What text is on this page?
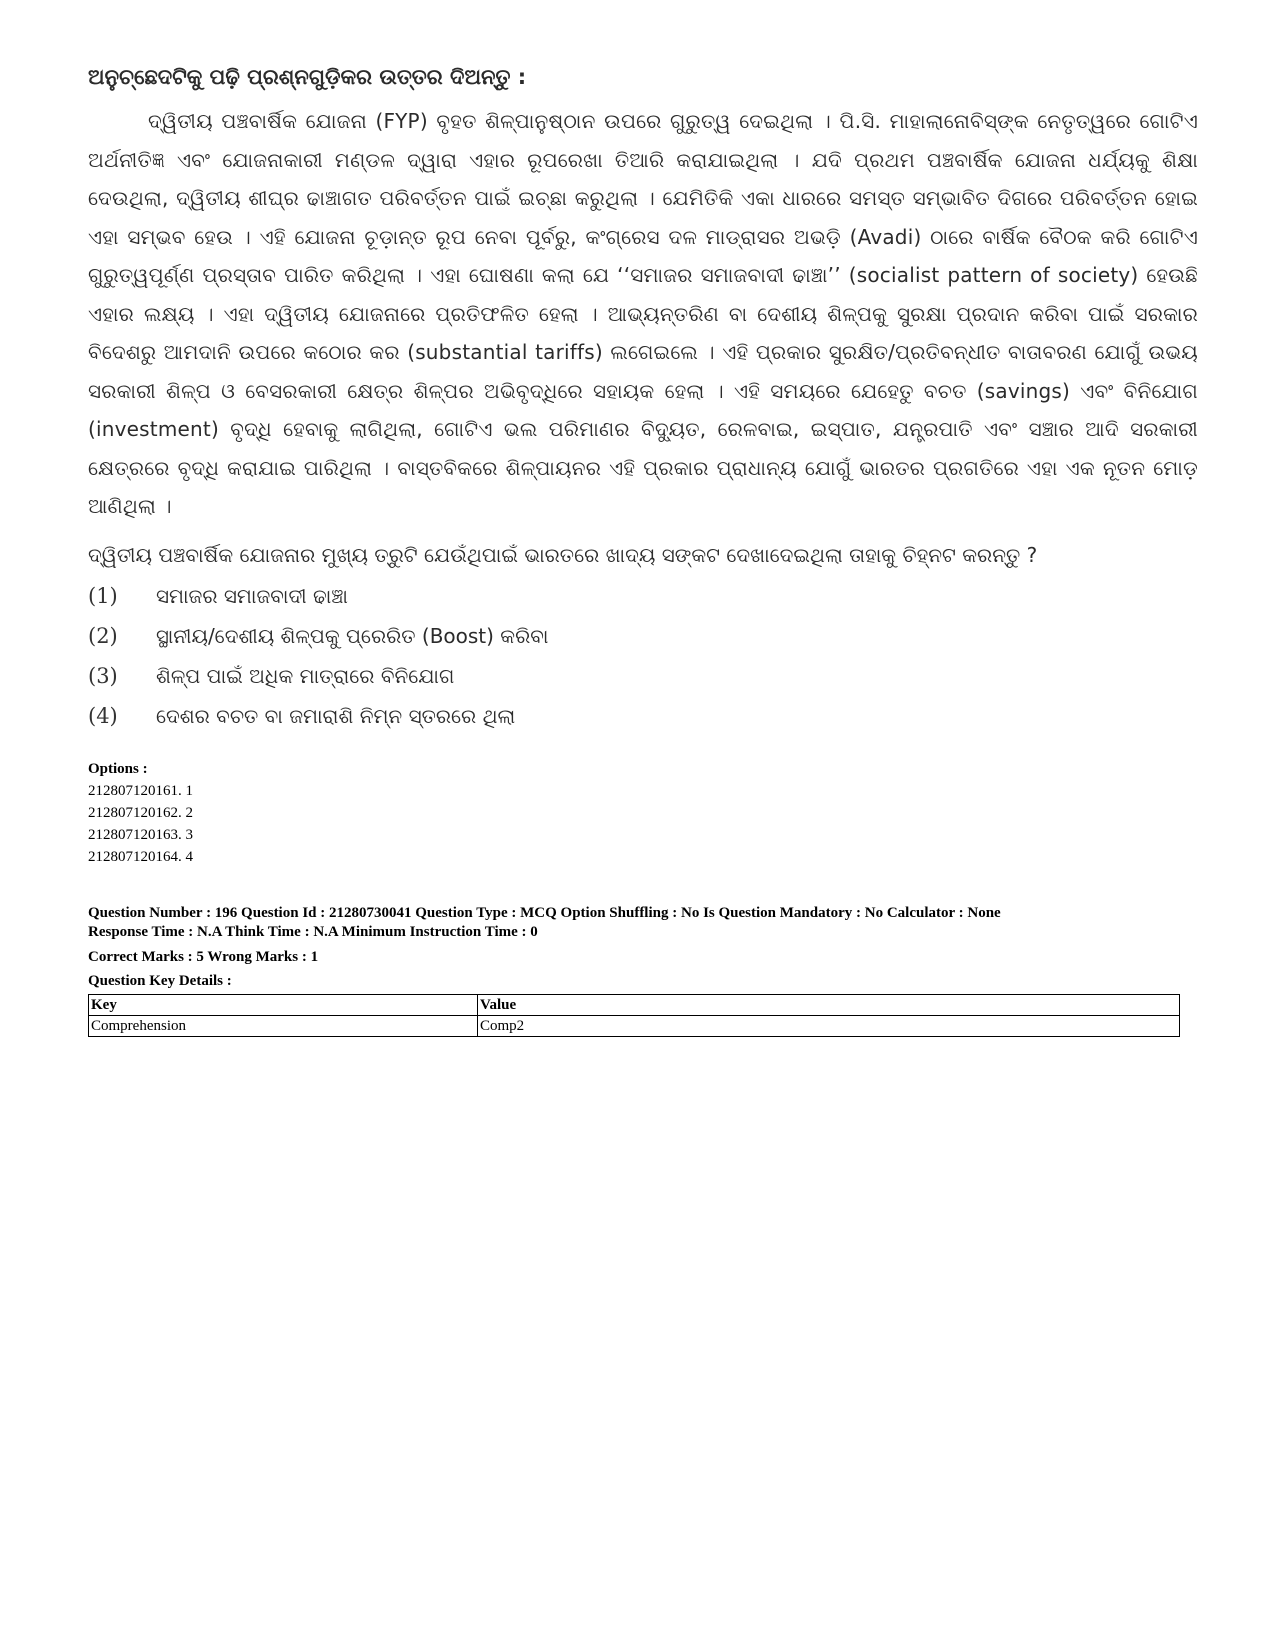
ଅନୁଚ୍ଛେଦଟିକୁ ପଢ଼ି ପ୍ରଶ୍ନଗୁଡ଼ିକର ଉତ୍ତର ଦିଅନ୍ତୁ :

ଦ୍ୱିତୀୟ ପଞ୍ଚବାର୍ଷିକ ଯୋଜନା (FYP) ବୃହତ ଶିଳ୍ପାନୁଷ୍ଠାନ ଉପରେ ଗୁରୁତ୍ୱ ଦେଇଥିଲା । ପି.ସି. ମାହାଲାନୋବିସ୍‌ଙ୍କ ନେତୃତ୍ୱରେ ଗୋଟିଏ ଅର୍ଥନୀତିଜ୍ଞ ଏବଂ ଯୋଜନାକାରୀ ମଣ୍ଡଳ ଦ୍ୱାରା ଏହାର ରୂପରେଖା ତିଆରି କରାଯାଇଥିଲା । ଯଦି ପ୍ରଥମ ପଞ୍ଚବାର୍ଷିକ ଯୋଜନା ଧର୍ଯ୍ୟକୁ ଶିକ୍ଷା ଦେଉଥିଲା, ଦ୍ୱିତୀୟ ଶୀଘ୍ର ଢାଞ୍ଚାଗତ ପରିବର୍ତ୍ତନ ପାଇଁ ଇଚ୍ଛା କରୁଥିଲା । ଯେମିତିକି ଏକା ଧାରରେ ସମସ୍ତ ସମ୍ଭାବିତ ଦିଗରେ ପରିବର୍ତ୍ତନ ହୋଇ ଏହା ସମ୍ଭବ ହେଉ । ଏହି ଯୋଜନା ଚୂଡ଼ାନ୍ତ ରୂପ ନେବା ପୂର୍ବରୁ, କଂଗ୍ରେସ ଦଳ ମାଡ୍ରାସର ଅଭଡ଼ି (Avadi) ଠାରେ ବାର୍ଷିକ ବୈଠକ କରି ଗୋଟିଏ ଗୁରୁତ୍ୱପୂର୍ଣ୍ଣ ପ୍ରସ୍ତାବ ପାରିତ କରିଥିଲା । ଏହା ଘୋଷଣା କଲା ଯେ ‘‘ସମାଜର ସମାଜବାଦୀ ଢାଞ୍ଚା’’ (socialist pattern of society) ହେଉଛି ଏହାର ଲକ୍ଷ୍ୟ । ଏହା ଦ୍ୱିତୀୟ ଯୋଜନାରେ ପ୍ରତିଫଳିତ ହେଲା । ଆଭ୍ୟନ୍ତରିଣ ବା ଦେଶୀୟ ଶିଳ୍ପକୁ ସୁରକ୍ଷା ପ୍ରଦାନ କରିବା ପାଇଁ ସରକାର ବିଦେଶରୁ ଆମଦାନି ଉପରେ କଠୋର କର (substantial tariffs) ଲଗେଇଲେ । ଏହି ପ୍ରକାର ସୁରକ୍ଷିତ/ପ୍ରତିବନ୍ଧୀତ ବାତାବରଣ ଯୋଗୁଁ ଉଭୟ ସରକାରୀ ଶିଳ୍ପ ଓ ବେସରକାରୀ କ୍ଷେତ୍ର ଶିଳ୍ପର ଅଭିବୃଦ୍ଧିରେ ସହାୟକ ହେଲା । ଏହି ସମୟରେ ଯେହେତୁ ବଚତ (savings) ଏବଂ ବିନିଯୋଗ (investment) ବୃଦ୍ଧି ହେବାକୁ ଲାଗିଥିଲା, ଗୋଟିଏ ଭଲ ପରିମାଣର ବିଦ୍ୟୁତ, ରେଳବାଇ, ଇସ୍ପାତ, ଯନ୍ତ୍ରପାତି ଏବଂ ସଞ୍ଚାର ଆଦି ସରକାରୀ କ୍ଷେତ୍ରରେ ବୃଦ୍ଧି କରାଯାଇ ପାରିଥିଲା । ବାସ୍ତବିକରେ ଶିଳ୍ପାୟନର ଏହି ପ୍ରକାର ପ୍ରାଧାନ୍ୟ ଯୋଗୁଁ ଭାରତର ପ୍ରଗତିରେ ଏହା ଏକ ନୂତନ ମୋଡ଼ ଆଣିଥିଲା ।

ଦ୍ୱିତୀୟ ପଞ୍ଚବାର୍ଷିକ ଯୋଜନାର ମୁଖ୍ୟ ତ୍ରୁଟି ଯେଉଁଥିପାଇଁ ଭାରତରେ ଖାଦ୍ୟ ସଙ୍କଟ ଦେଖାଦେଇଥିଲା ତାହାକୁ ଚିହ୍ନଟ କରନ୍ତୁ ?
(1)	ସମାଜର ସମାଜବାଦୀ ଢାଞ୍ଚା
(2)	ସ୍ଥାନୀୟ/ଦେଶୀୟ ଶିଳ୍ପକୁ ପ୍ରେରିତ (Boost) କରିବା
(3)	ଶିଳ୍ପ ପାଇଁ ଅଧିକ ମାତ୍ରାରେ ବିନିଯୋଗ
(4)	ଦେଶର ବଚତ ବା ଜମାରାଶି ନିମ୍ନ ସ୍ତରରେ ଥିଲା

Options :

212807120161. 1

212807120162. 2

212807120163. 3

212807120164. 4

Question Number : 196 Question Id : 21280730041 Question Type : MCQ Option Shuffling : No Is Question Mandatory : No Calculator : None
Response Time : N.A Think Time : N.A Minimum Instruction Time : 0
Correct Marks : 5 Wrong Marks : 1
Question Key Details :
Key	Value
Comprehension	Comp2
